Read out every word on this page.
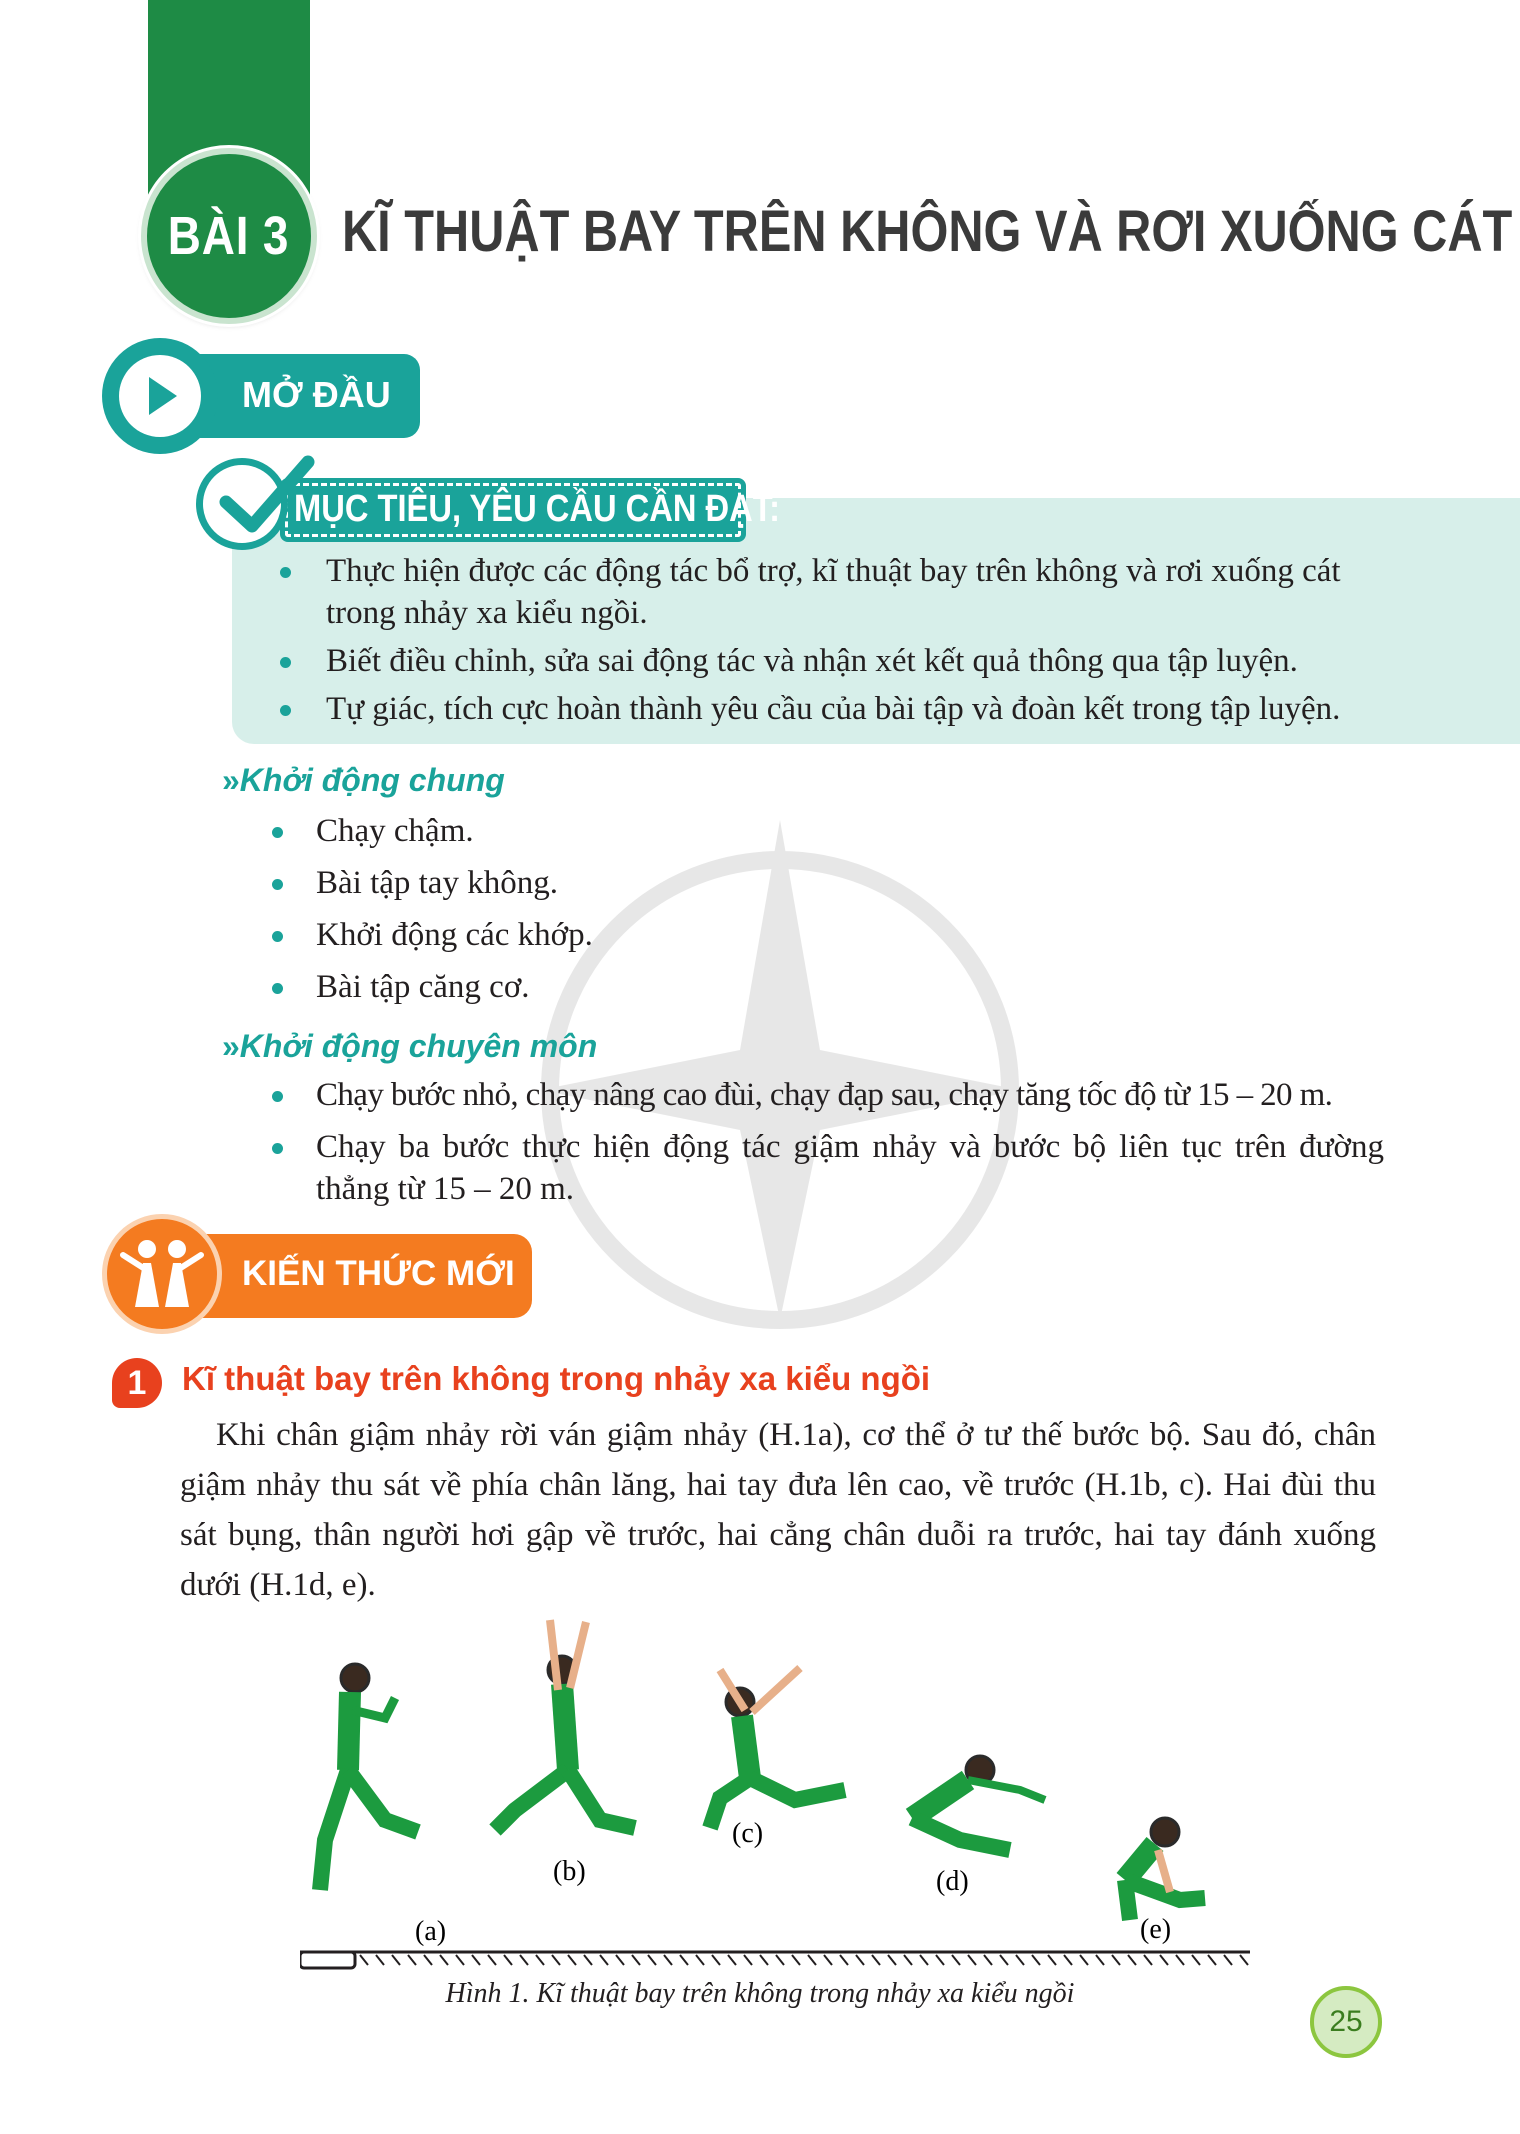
BÀI 3 KĨ THUẬT BAY TRÊN KHÔNG VÀ RƠI XUỐNG CÁT
MỞ ĐẦU
MỤC TIÊU, YÊU CẦU CẦN ĐẠT:
Thực hiện được các động tác bổ trợ, kĩ thuật bay trên không và rơi xuống cát trong nhảy xa kiểu ngồi.
Biết điều chỉnh, sửa sai động tác và nhận xét kết quả thông qua tập luyện.
Tự giác, tích cực hoàn thành yêu cầu của bài tập và đoàn kết trong tập luyện.
»Khởi động chung
Chạy chậm.
Bài tập tay không.
Khởi động các khớp.
Bài tập căng cơ.
»Khởi động chuyên môn
Chạy bước nhỏ, chạy nâng cao đùi, chạy đạp sau, chạy tăng tốc độ từ 15 – 20 m.
Chạy ba bước thực hiện động tác giậm nhảy và bước bộ liên tục trên đường thẳng từ 15 – 20 m.
KIẾN THỨC MỚI
1	Kĩ thuật bay trên không trong nhảy xa kiểu ngồi
Khi chân giậm nhảy rời ván giậm nhảy (H.1a), cơ thể ở tư thế bước bộ. Sau đó, chân giậm nhảy thu sát về phía chân lăng, hai tay đưa lên cao, về trước (H.1b, c). Hai đùi thu sát bụng, thân người hơi gập về trước, hai cẳng chân duỗi ra trước, hai tay đánh xuống dưới (H.1d, e).
(a)
(b)
(c)
(d)
(e)
Hình 1. Kĩ thuật bay trên không trong nhảy xa kiểu ngồi
25
